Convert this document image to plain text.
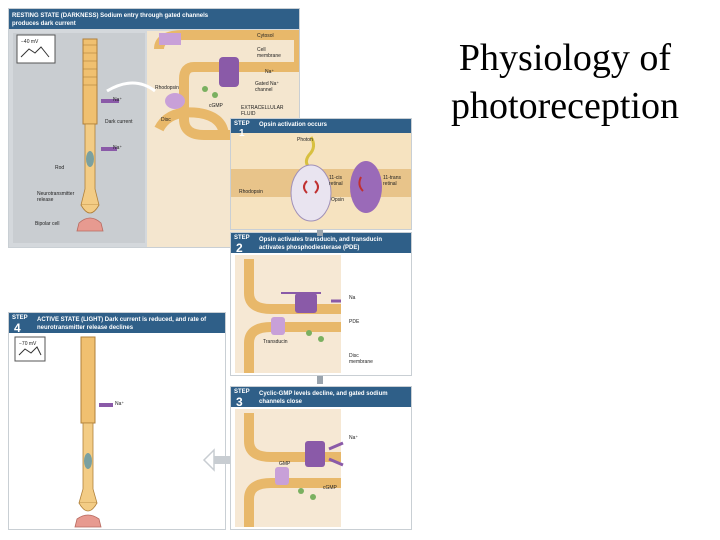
Physiology of photoreception
RESTING STATE (DARKNESS) Sodium entry through gated channels produces dark current
−40 mV
Na⁺
Dark current
Na⁺
Rod
Neurotransmitter release
Bipolar cell
Cytosol
Cell membrane
Na⁺
Gated Na⁺ channel
Rhodopsin
cGMP
Disc
EXTRACELLULAR FLUID
STEP Opsin activation occurs
1
Photon
11-cis retinal
Rhodopsin
Opsin
11-trans retinal
STEP
2
Opsin activates transducin, and transducin activates phosphodiesterase (PDE)
Na
PDE
Transducin
Disc membrane
STEP
3
Cyclic-GMP levels decline, and gated sodium channels close
Na⁺
GMP
cGMP
STEP
4
ACTIVE STATE (LIGHT) Dark current is reduced, and rate of neurotransmitter release declines
−70 mV
Na⁺
